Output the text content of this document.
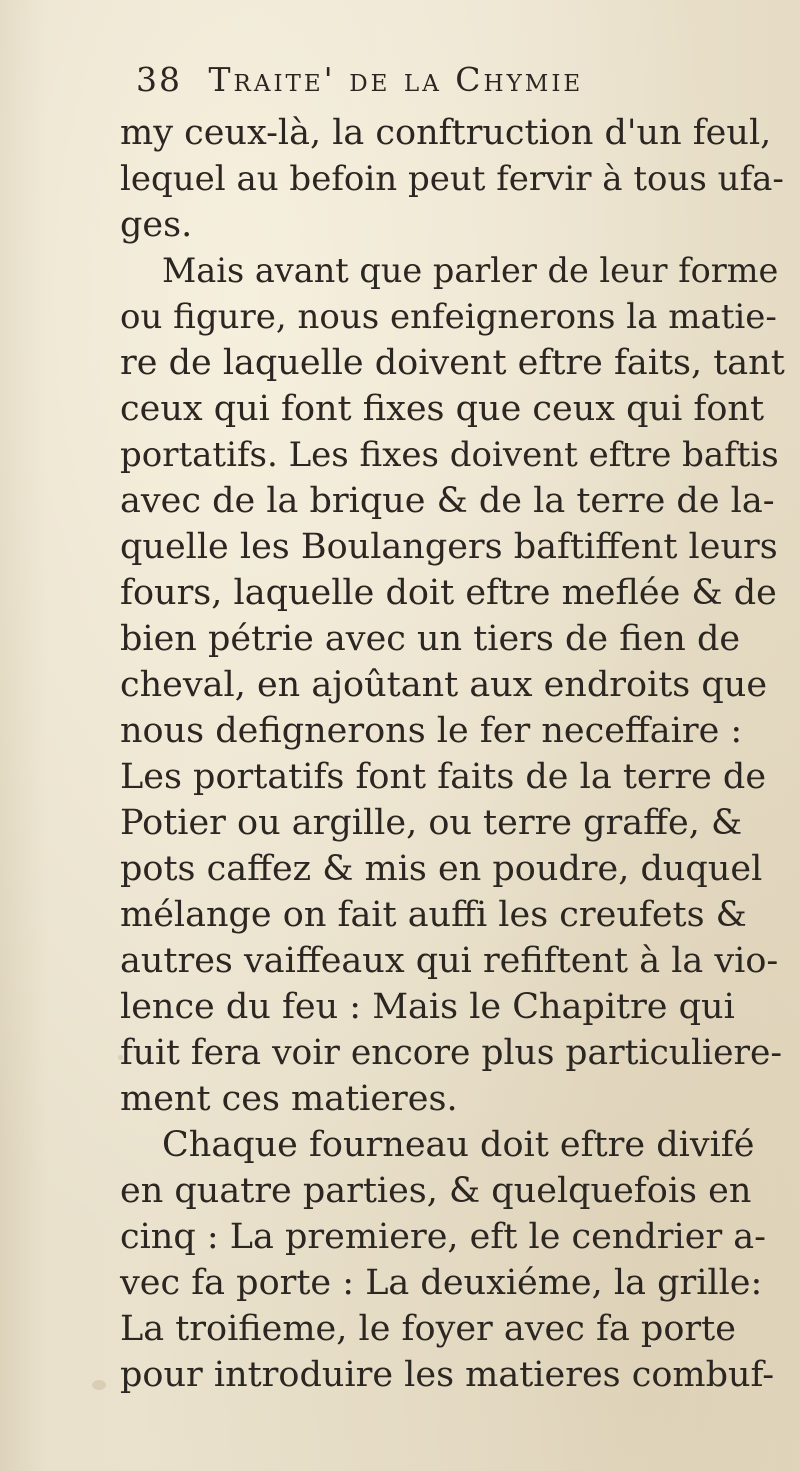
38 Traite' de la Chymie
my ceux-là, la conftruction d'un feul,
lequel au befoin peut fervir à tous ufa-
ges.
Mais avant que parler de leur forme
ou figure, nous enfeignerons la matie-
re de laquelle doivent eftre faits, tant
ceux qui font fixes que ceux qui font
portatifs. Les fixes doivent eftre baftis
avec de la brique & de la terre de la-
quelle les Boulangers baftiffent leurs
fours, laquelle doit eftre meflée & de
bien pétrie avec un tiers de fien de
cheval, en ajoûtant aux endroits que
nous defignerons le fer neceffaire :
Les portatifs font faits de la terre de
Potier ou argille, ou terre graffe, &
pots caffez & mis en poudre, duquel
mélange on fait auffi les creufets &
autres vaiffeaux qui refiftent à la vio-
lence du feu : Mais le Chapitre qui
fuit fera voir encore plus particuliere-
ment ces matieres.
Chaque fourneau doit eftre divifé
en quatre parties, & quelquefois en
cinq : La premiere, eft le cendrier a-
vec fa porte : La deuxiéme, la grille:
La troifieme, le foyer avec fa porte
pour introduire les matieres combuf-
